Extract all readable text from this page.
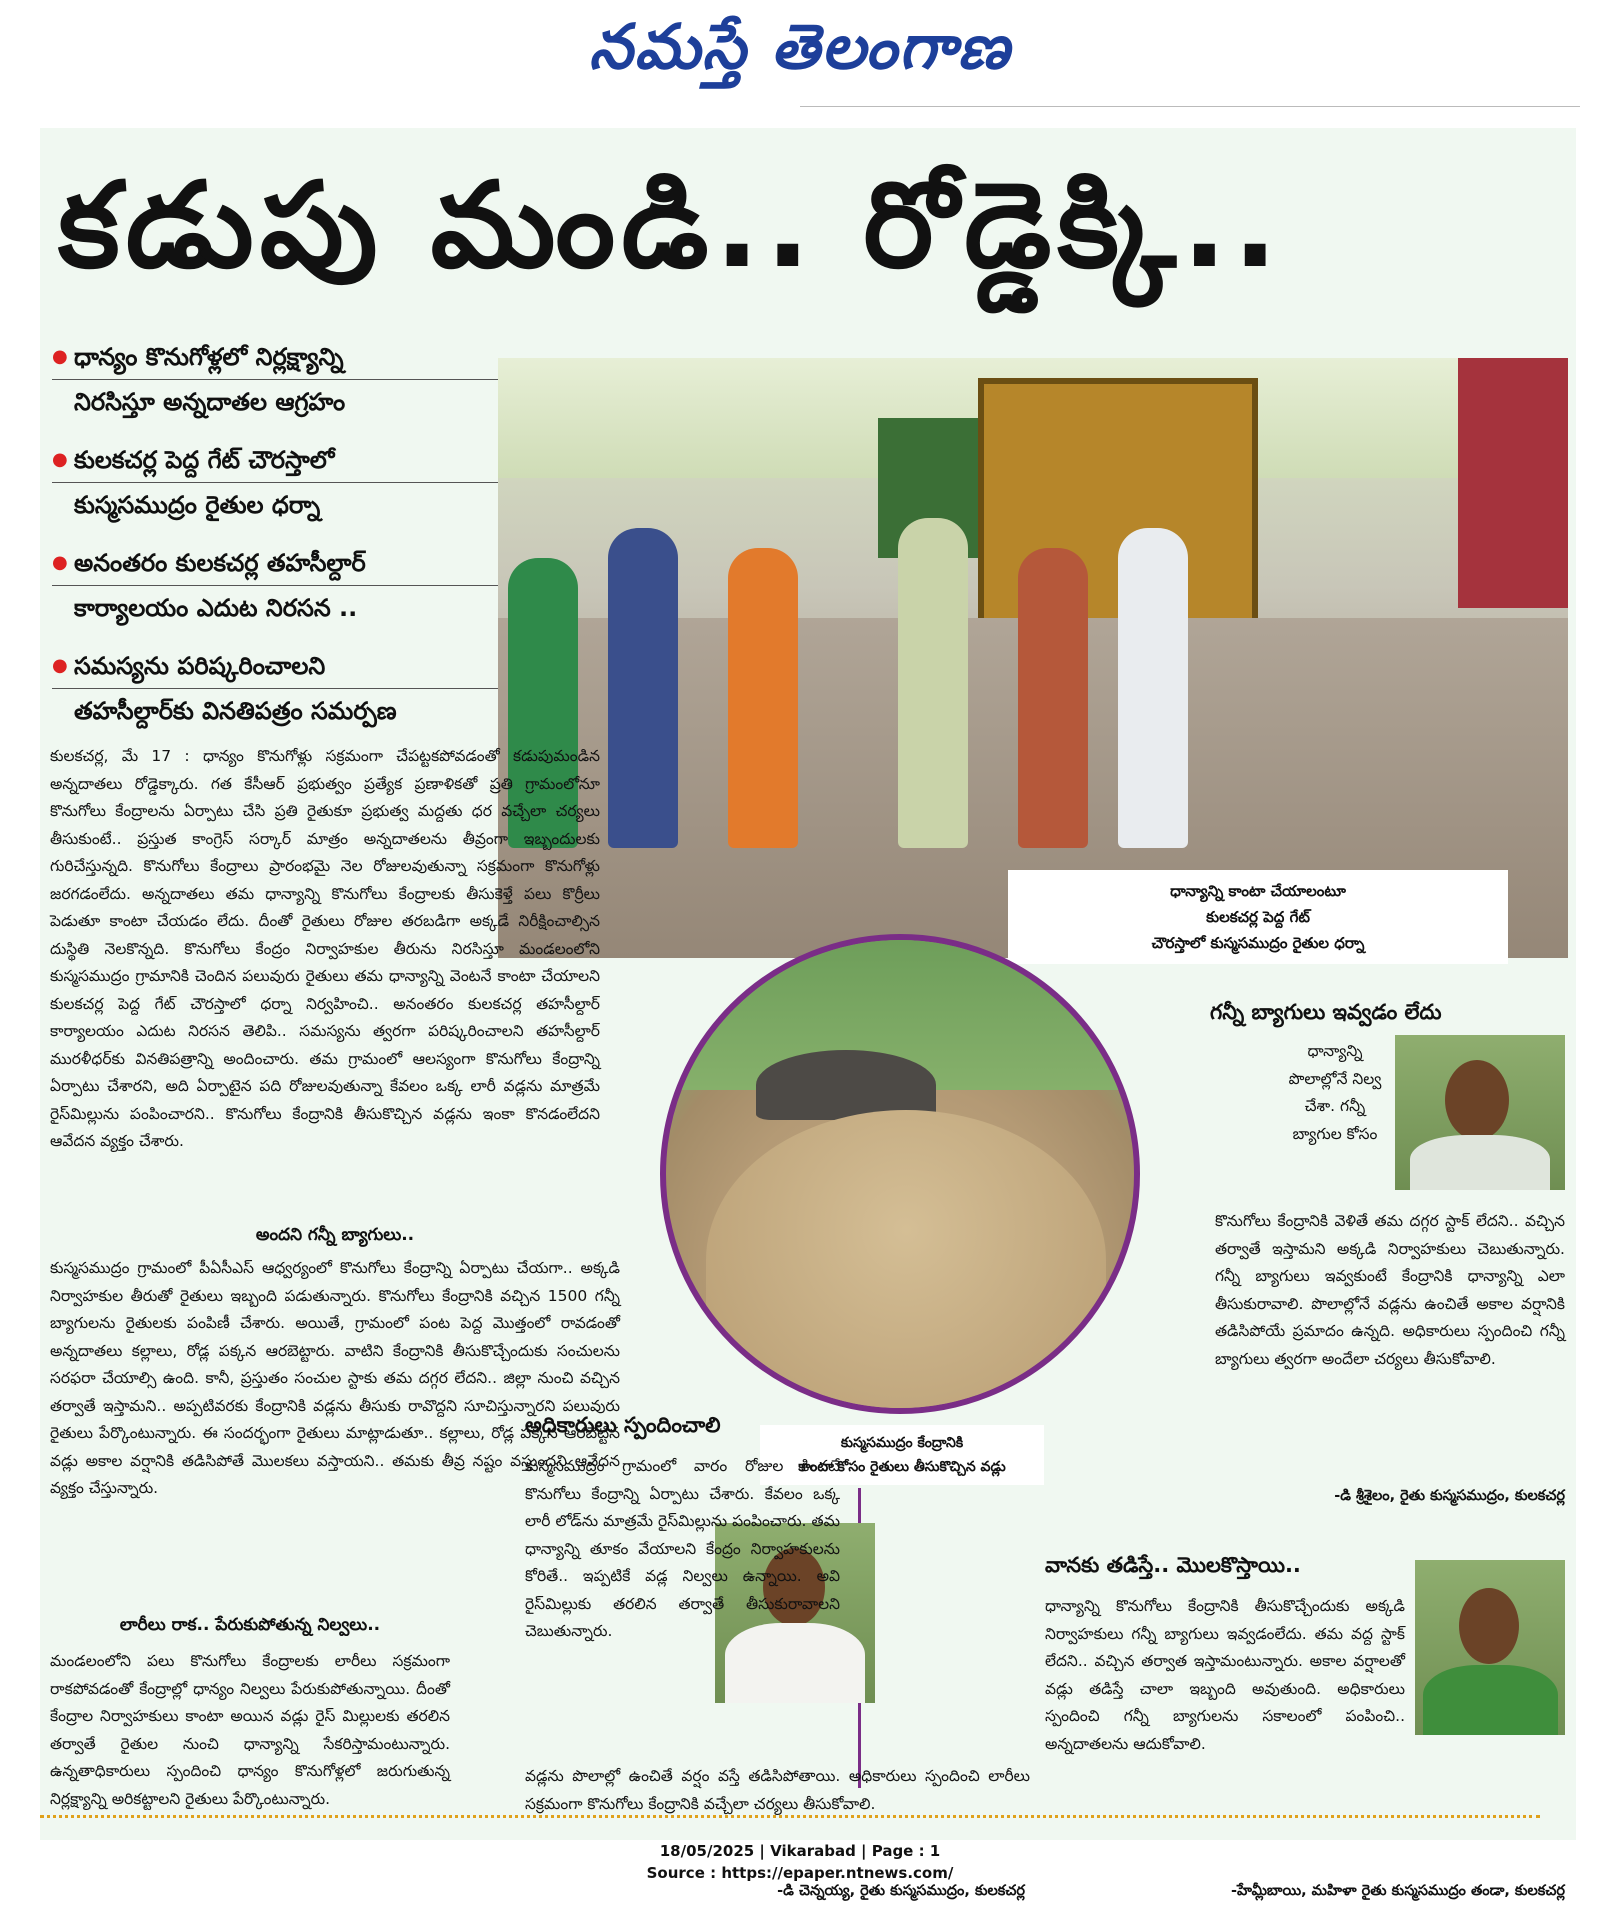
నమస్తే తెలంగాణ
కడుపు మండి.. రోడ్డెక్కి..
● ధాన్యం కొనుగోళ్లలో నిర్లక్ష్యాన్ని
నిరసిస్తూ అన్నదాతల ఆగ్రహం
● కులకచర్ల పెద్ద గేట్ చౌరస్తాలో
కుస్మసముద్రం రైతుల ధర్నా
● అనంతరం కులకచర్ల తహసీల్దార్
కార్యాలయం ఎదుట నిరసన ..
● సమస్యను పరిష్కరించాలని
తహసీల్దార్‌కు వినతిపత్రం సమర్పణ
ధాన్యాన్ని కాంటా చేయాలంటూ
కులకచర్ల పెద్ద గేట్
చౌరస్తాలో కుస్మసముద్రం రైతుల ధర్నా

కులకచర్ల, మే 17 : ధాన్యం కొనుగోళ్లు సక్రమంగా చేపట్టకపోవడంతో కడుపుమండిన అన్నదాతలు రోడ్డెక్కారు. గత కేసీఆర్ ప్రభుత్వం ప్రత్యేక ప్రణాళికతో ప్రతి గ్రామంలోనూ కొనుగోలు కేంద్రాలను ఏర్పాటు చేసి ప్రతి రైతుకూ ప్రభుత్వ మద్దతు ధర వచ్చేలా చర్యలు తీసుకుంటే.. ప్రస్తుత కాంగ్రెస్ సర్కార్ మాత్రం అన్నదాతలను తీవ్రంగా ఇబ్బందులకు గురిచేస్తున్నది. కొనుగోలు కేంద్రాలు ప్రారంభమై నెల రోజులవుతున్నా సక్రమంగా కొనుగోళ్లు జరగడంలేదు. అన్నదాతలు తమ ధాన్యాన్ని కొనుగోలు కేంద్రాలకు తీసుకెళ్తే పలు కొర్రీలు పెడుతూ కాంటా చేయడం లేదు. దీంతో రైతులు రోజుల తరబడిగా అక్కడే నిరీక్షించాల్సిన దుస్థితి నెలకొన్నది. కొనుగోలు కేంద్రం నిర్వాహకుల తీరును నిరసిస్తూ మండలంలోని కుస్మసముద్రం గ్రామానికి చెందిన పలువురు రైతులు తమ ధాన్యాన్ని వెంటనే కాంటా చేయాలని కులకచర్ల పెద్ద గేట్ చౌరస్తాలో ధర్నా నిర్వహించి.. అనంతరం కులకచర్ల తహసీల్దార్ కార్యాలయం ఎదుట నిరసన తెలిపి.. సమస్యను త్వరగా పరిష్కరించాలని తహసీల్దార్ మురళీధర్‌కు వినతిపత్రాన్ని అందించారు. తమ గ్రామంలో ఆలస్యంగా కొనుగోలు కేంద్రాన్ని ఏర్పాటు చేశారని, అది ఏర్పాటైన పది రోజులవుతున్నా కేవలం ఒక్క లారీ వడ్లను మాత్రమే రైస్‌మిల్లును పంపించారని.. కొనుగోలు కేంద్రానికి తీసుకొచ్చిన వడ్లను ఇంకా కొనడంలేదని ఆవేదన వ్యక్తం చేశారు.

అందని గన్నీ బ్యాగులు..

కుస్మసముద్రం గ్రామంలో పీఏసీఎస్ ఆధ్వర్యంలో కొనుగోలు కేంద్రాన్ని ఏర్పాటు చేయగా.. అక్కడి నిర్వాహకుల తీరుతో రైతులు ఇబ్బంది పడుతున్నారు. కొనుగోలు కేంద్రానికి వచ్చిన 1500 గన్నీ బ్యాగులను రైతులకు పంపిణీ చేశారు. అయితే, గ్రామంలో పంట పెద్ద మొత్తంలో రావడంతో అన్నదాతలు కల్లాలు, రోడ్ల పక్కన ఆరబెట్టారు. వాటిని కేంద్రానికి తీసుకొచ్చేందుకు సంచులను సరఫరా చేయాల్సి ఉంది. కానీ, ప్రస్తుతం సంచుల స్టాకు తమ దగ్గర లేదని.. జిల్లా నుంచి వచ్చిన తర్వాతే ఇస్తామని.. అప్పటివరకు కేంద్రానికి వడ్లను తీసుకు రావొద్దని సూచిస్తున్నారని పలువురు రైతులు పేర్కొంటున్నారు. ఈ సందర్భంగా రైతులు మాట్లాడుతూ.. కల్లాలు, రోడ్ల పక్కన ఆరబెట్టిన వడ్లు అకాల వర్షానికి తడిసిపోతే మొలకలు వస్తాయని.. తమకు తీవ్ర నష్టం వస్తుందని ఆవేదన వ్యక్తం చేస్తున్నారు.

లారీలు రాక.. పేరుకుపోతున్న నిల్వలు..

మండలంలోని పలు కొనుగోలు కేంద్రాలకు లారీలు సక్రమంగా రాకపోవడంతో కేంద్రాల్లో ధాన్యం నిల్వలు పేరుకుపోతున్నాయి. దీంతో కేంద్రాల నిర్వాహకులు కాంటా అయిన వడ్లు రైస్ మిల్లులకు తరలిన తర్వాతే రైతుల నుంచి ధాన్యాన్ని సేకరిస్తామంటున్నారు. ఉన్నతాధికారులు స్పందించి ధాన్యం కొనుగోళ్లలో జరుగుతున్న నిర్లక్ష్యాన్ని అరికట్టాలని రైతులు పేర్కొంటున్నారు.

కుస్మసముద్రం కేంద్రానికి
కాంటా కోసం రైతులు తీసుకొచ్చిన వడ్లు
గన్నీ బ్యాగులు ఇవ్వడం లేదు
ధాన్యాన్ని పొలాల్లోనే నిల్వ చేశా. గన్నీ బ్యాగుల కోసం
కొనుగోలు కేంద్రానికి వెళితే తమ దగ్గర స్టాక్ లేదని.. వచ్చిన తర్వాతే ఇస్తామని అక్కడి నిర్వాహకులు చెబుతున్నారు. గన్నీ బ్యాగులు ఇవ్వకుంటే కేంద్రానికి ధాన్యాన్ని ఎలా తీసుకురావాలి. పొలాల్లోనే వడ్లను ఉంచితే అకాల వర్షానికి తడిసిపోయే ప్రమాదం ఉన్నది. అధికారులు స్పందించి గన్నీ బ్యాగులు త్వరగా అందేలా చర్యలు తీసుకోవాలి.
-డి శ్రీశైలం, రైతు కుస్మసముద్రం, కులకచర్ల
అధికారులు స్పందించాలి
కుస్మసముద్రం గ్రామంలో వారం రోజుల కిందటే కొనుగోలు కేంద్రాన్ని ఏర్పాటు చేశారు. కేవలం ఒక్క లారీ లోడ్‌ను మాత్రమే రైస్‌మిల్లును పంపించారు. తమ ధాన్యాన్ని తూకం వేయాలని కేంద్రం నిర్వాహకులను కోరితే.. ఇప్పటికే వడ్ల నిల్వలు ఉన్నాయి. అవి రైస్‌మిల్లుకు తరలిన తర్వాతే తీసుకురావాలని చెబుతున్నారు.
వడ్లను పొలాల్లో ఉంచితే వర్షం వస్తే తడిసిపోతాయి. అధికారులు స్పందించి లారీలు సక్రమంగా కొనుగోలు కేంద్రానికి వచ్చేలా చర్యలు తీసుకోవాలి.
-డి చెన్నయ్య, రైతు కుస్మసముద్రం, కులకచర్ల
వానకు తడిస్తే.. మొలకొస్తాయి..
ధాన్యాన్ని కొనుగోలు కేంద్రానికి తీసుకొచ్చేందుకు అక్కడి నిర్వాహకులు గన్నీ బ్యాగులు ఇవ్వడంలేదు. తమ వద్ద స్టాక్ లేదని.. వచ్చిన తర్వాత ఇస్తామంటున్నారు. అకాల వర్షాలతో వడ్లు తడిస్తే చాలా ఇబ్బంది అవుతుంది. అధికారులు స్పందించి గన్నీ బ్యాగులను సకాలంలో పంపించి.. అన్నదాతలను ఆదుకోవాలి.
-హేమ్లీబాయి, మహిళా రైతు కుస్మసముద్రం తండా, కులకచర్ల
18/05/2025 | Vikarabad | Page : 1
Source : https://epaper.ntnews.com/
